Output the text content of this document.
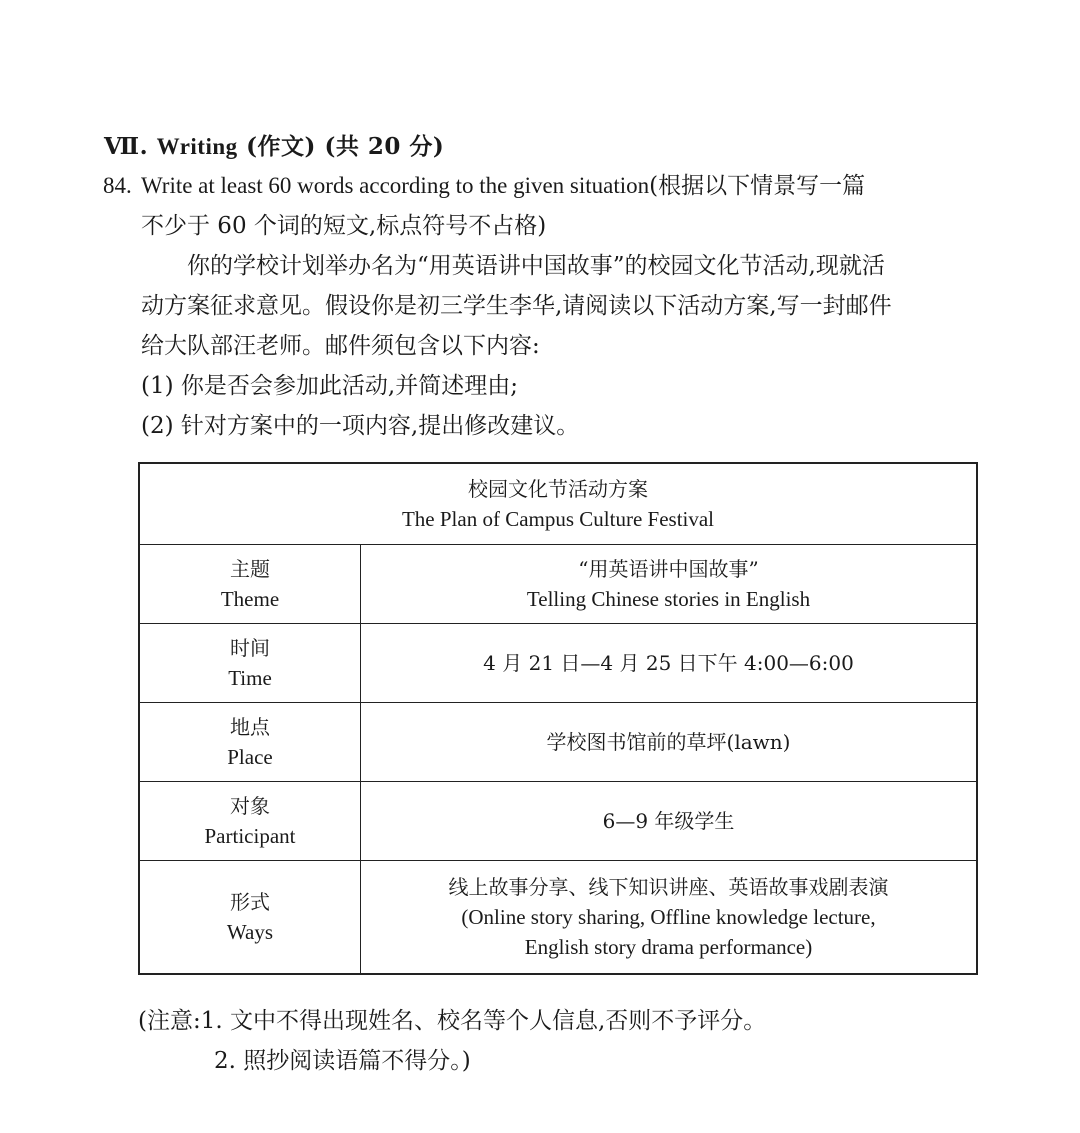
Ⅶ. Writing (作文) (共 20 分)
84. Write at least 60 words according to the given situation(根据以下情景写一篇
不少于 60 个词的短文,标点符号不占格)
你的学校计划举办名为“用英语讲中国故事”的校园文化节活动,现就活
动方案征求意见。假设你是初三学生李华,请阅读以下活动方案,写一封邮件
给大队部汪老师。邮件须包含以下内容:
(1) 你是否会参加此活动,并简述理由;
(2) 针对方案中的一项内容,提出修改建议。
校园文化节活动方案
The Plan of Campus Culture Festival	

主题
Theme	“用英语讲中国故事”
Telling Chinese stories in English

时间
Time	4 月 21 日—4 月 25 日下午 4:00—6:00

地点
Place	学校图书馆前的草坪(lawn)

对象
Participant	6—9 年级学生

形式
Ways	线上故事分享、线下知识讲座、英语故事戏剧表演
(Online story sharing, Offline knowledge lecture,
English story drama performance)
(注意:1. 文中不得出现姓名、校名等个人信息,否则不予评分。
2. 照抄阅读语篇不得分。)
